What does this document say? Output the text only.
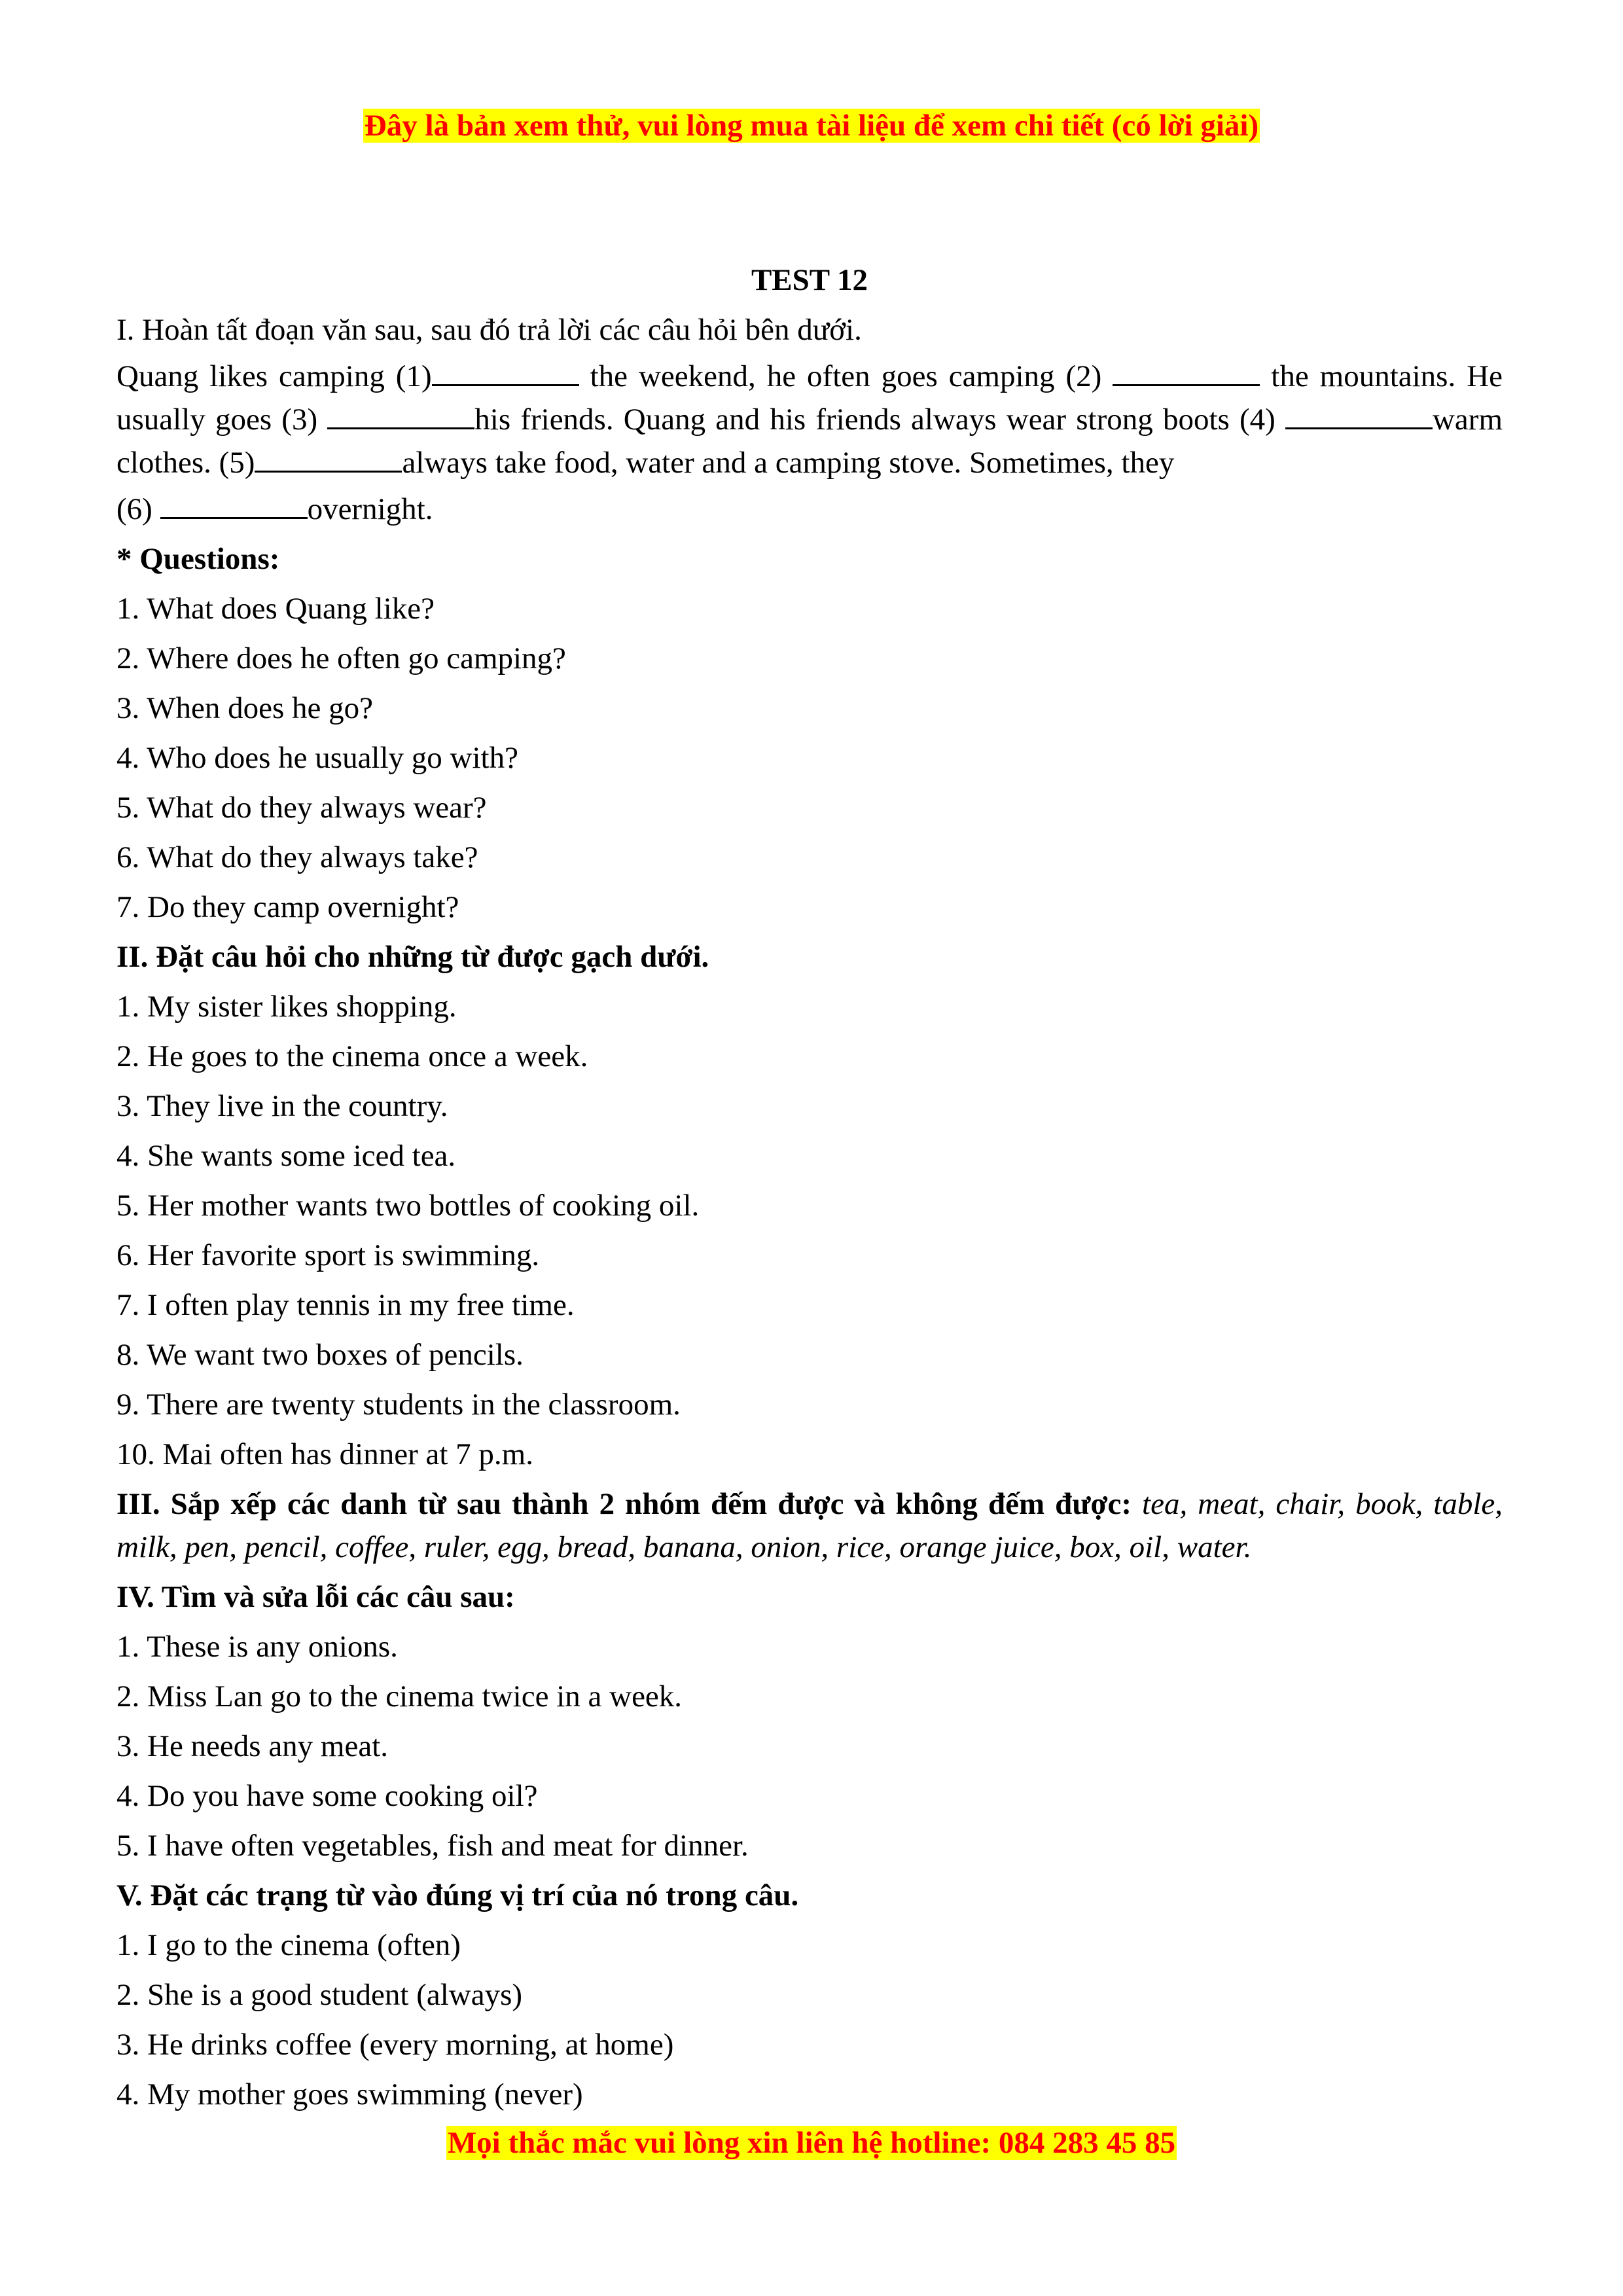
Đây là bản xem thử, vui lòng mua tài liệu để xem chi tiết (có lời giải)
TEST 12
I. Hoàn tất đoạn văn sau, sau đó trả lời các câu hỏi bên dưới.
Quang likes camping (1)	the weekend, he often goes camping (2)	the mountains. He usually goes (3)	his friends. Quang and his friends always wear strong boots (4)	warm clothes. (5)	always take food, water and a camping stove. Sometimes, they
(6)	overnight.
* Questions:
1. What does Quang like?
2. Where does he often go camping?
3. When does he go?
4. Who does he usually go with?
5. What do they always wear?
6. What do they always take?
7. Do they camp overnight?
II. Đặt câu hỏi cho những từ được gạch dưới.
1. My sister likes shopping.
2. He goes to the cinema once a week.
3. They live in the country.
4. She wants some iced tea.
5. Her mother wants two bottles of cooking oil.
6. Her favorite sport is swimming.
7. I often play tennis in my free time.
8. We want two boxes of pencils.
9. There are twenty students in the classroom.
10. Mai often has dinner at 7 p.m.
III. Sắp xếp các danh từ sau thành 2 nhóm đếm được và không đếm được: tea, meat, chair, book, table, milk, pen, pencil, coffee, ruler, egg, bread, banana, onion, rice, orange juice, box, oil, water.
IV. Tìm và sửa lỗi các câu sau:
1. These is any onions.
2. Miss Lan go to the cinema twice in a week.
3. He needs any meat.
4. Do you have some cooking oil?
5. I have often vegetables, fish and meat for dinner.
V. Đặt các trạng từ vào đúng vị trí của nó trong câu.
1. I go to the cinema (often)
2. She is a good student (always)
3. He drinks coffee (every morning, at home)
4. My mother goes swimming (never)
Mọi thắc mắc vui lòng xin liên hệ hotline: 084 283 45 85
